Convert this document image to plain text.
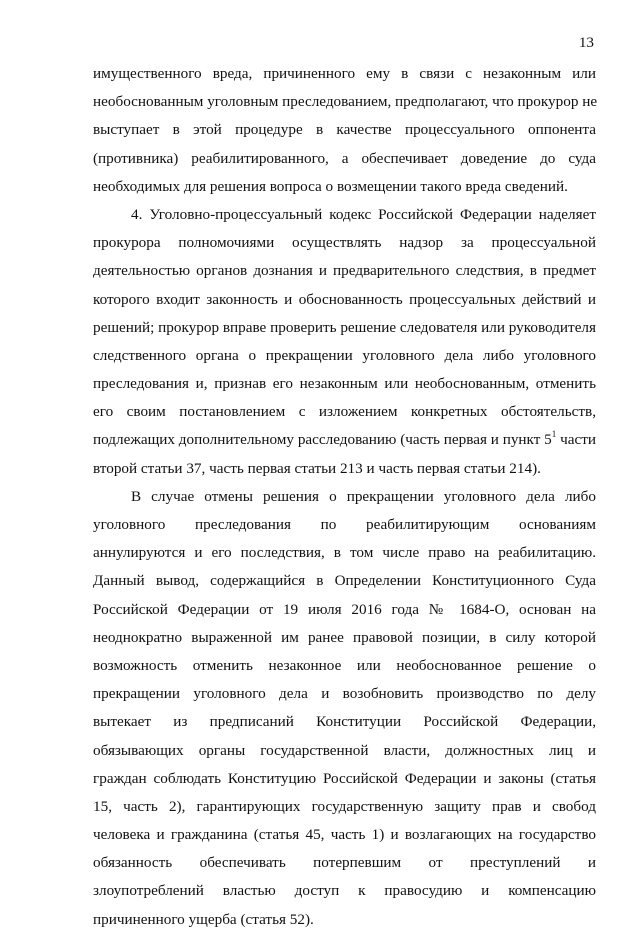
13

имущественного вреда, причиненного ему в связи с незаконным или
необоснованным уголовным преследованием, предполагают, что прокурор не
выступает в этой процедуре в качестве процессуального оппонента
(противника) реабилитированного, а обеспечивает доведение до суда
необходимых для решения вопроса о возмещении такого вреда сведений.

4. Уголовно-процессуальный кодекс Российской Федерации наделяет
прокурора полномочиями осуществлять надзор за процессуальной
деятельностью органов дознания и предварительного следствия, в предмет
которого входит законность и обоснованность процессуальных действий и
решений; прокурор вправе проверить решение следователя или руководителя
следственного органа о прекращении уголовного дела либо уголовного
преследования и, признав его незаконным или необоснованным, отменить
его своим постановлением с изложением конкретных обстоятельств,
подлежащих дополнительному расследованию (часть первая и пункт $5^1$ части
второй статьи 37, часть первая статьи 213 и часть первая статьи 214).

В случае отмены решения о прекращении уголовного дела либо
уголовного преследования по реабилитирующим основаниям
аннулируются и его последствия, в том числе право на реабилитацию.
Данный вывод, содержащийся в Определении Конституционного Суда
Российской Федерации от 19 июля 2016 года № 1684-О, основан на
неоднократно выраженной им ранее правовой позиции, в силу которой
возможность отменить незаконное или необоснованное решение о
прекращении уголовного дела и возобновить производство по делу
вытекает из предписаний Конституции Российской Федерации,
обязывающих органы государственной власти, должностных лиц и
граждан соблюдать Конституцию Российской Федерации и законы (статья
15, часть 2), гарантирующих государственную защиту прав и свобод
человека и гражданина (статья 45, часть 1) и возлагающих на государство
обязанность обеспечивать потерпевшим от преступлений и
злоупотреблений властью доступ к правосудию и компенсацию
причиненного ущерба (статья 52).
